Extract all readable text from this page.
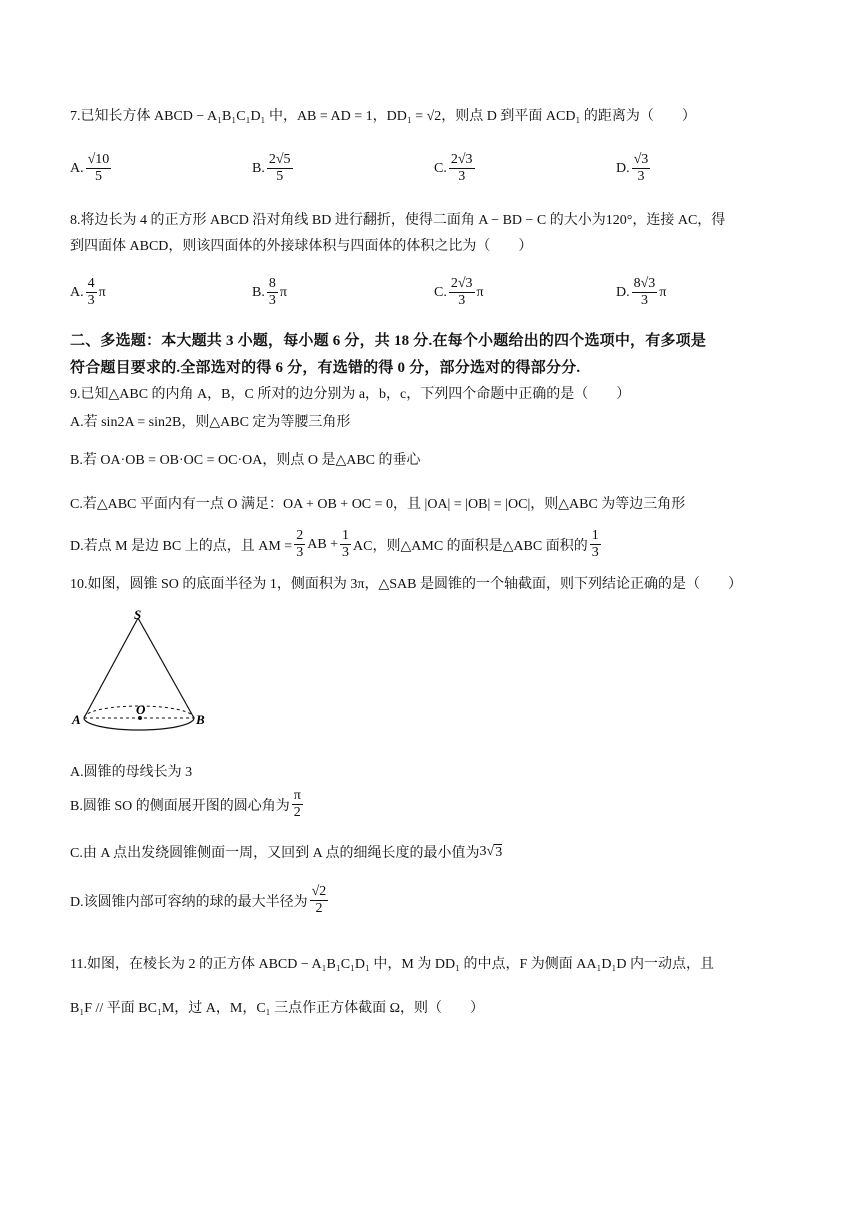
7.已知长方体 ABCD − A₁B₁C₁D₁ 中，AB = AD = 1，DD₁ = √2，则点 D 到平面 ACD₁ 的距离为（　　）
A. $\frac{√10}{5}$	B. $\frac{2√5}{5}$	C. $\frac{2√3}{3}$	D. $\frac{√3}{3}$
8.将边长为 4 的正方形 ABCD 沿对角线 BD 进行翻折，使得二面角 A − BD − C 的大小为120°，连接 AC，得
到四面体 ABCD，则该四面体的外接球体积与四面体的体积之比为（　　）
A. $\frac{4}{3}$ π	B. $\frac{8}{3}$ π	C. $\frac{2√3}{3}$ π	D. $\frac{8√3}{3}$ π
二、多选题：本大题共 3 小题，每小题 6 分，共 18 分.在每个小题给出的四个选项中，有多项是
符合题目要求的.全部选对的得 6 分，有选错的得 0 分，部分选对的得部分分.
9.已知△ABC 的内角 A，B，C 所对的边分别为 a，b，c，下列四个命题中正确的是（　　）
A.若 sin2A = sin2B，则△ABC 定为等腰三角形
B.若 OA·OB = OB·OC = OC·OA，则点 O 是△ABC 的垂心
C.若△ABC 平面内有一点 O 满足：OA + OB + OC = 0，且 |OA| = |OB| = |OC|，则△ABC 为等边三角形
D.若点 M 是边 BC 上的点，且 AM = $\frac{2}{3}$ AB + $\frac{1}{3}$ AC，则△AMC 的面积是△ABC 面积的 $\frac{1}{3}$
10.如图，圆锥 SO 的底面半径为 1，侧面积为 3π，△SAB 是圆锥的一个轴截面，则下列结论正确的是（　　）
S
A
O
B
A.圆锥的母线长为 3
B.圆锥 SO 的侧面展开图的圆心角为 $\frac{\pi}{2}$
C.由 A 点出发绕圆锥侧面一周，又回到 A 点的细绳长度的最小值为 3 √ 3
D.该圆锥内部可容纳的球的最大半径为 $\frac{√2}{2}$
11.如图，在棱长为 2 的正方体 ABCD − A₁B₁C₁D₁ 中，M 为 DD₁ 的中点，F 为侧面 AA₁D₁D 内一动点，且
B₁F // 平面 BC₁M，过 A，M，C₁ 三点作正方体截面 Ω，则（　　）
